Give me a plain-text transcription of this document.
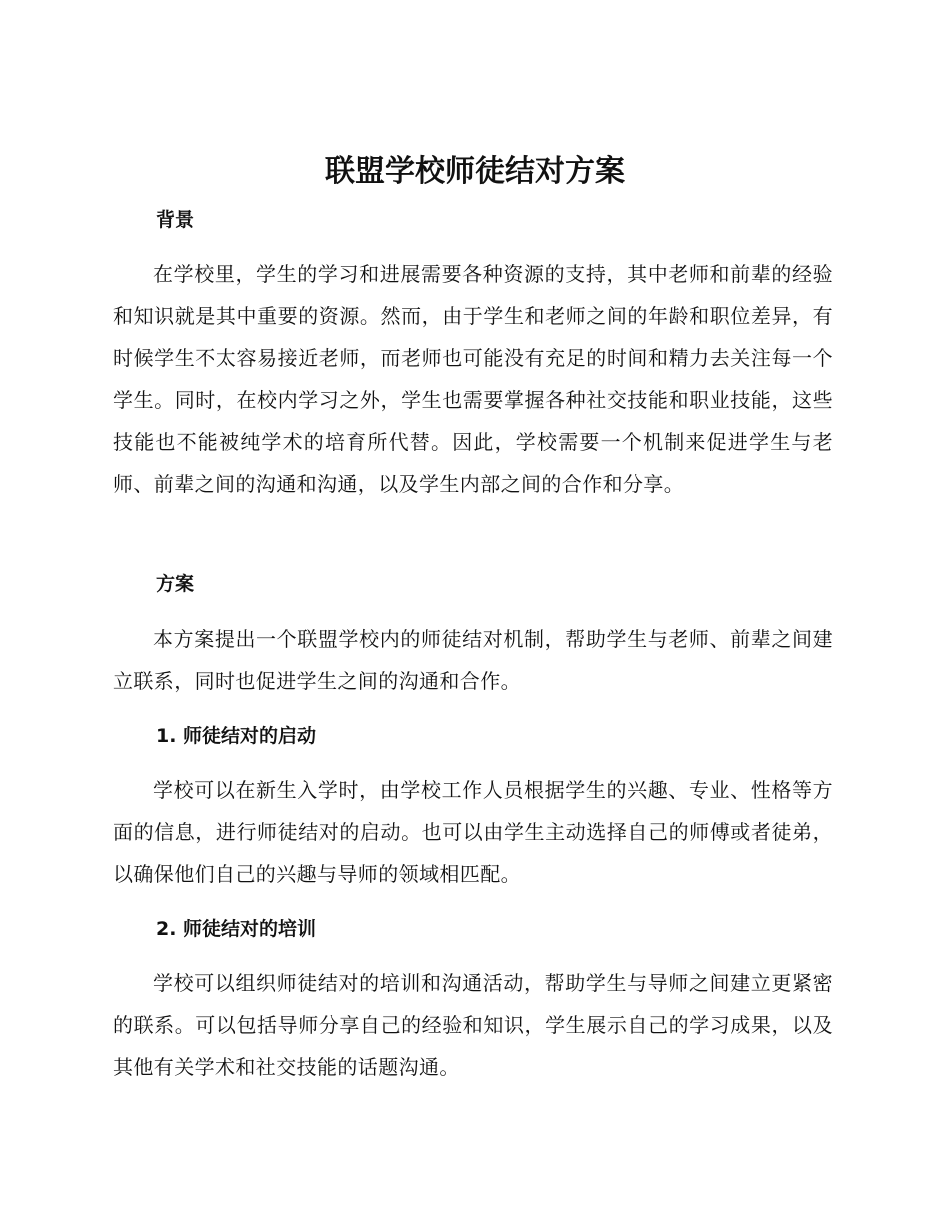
联盟学校师徒结对方案
背景

在学校里，学生的学习和进展需要各种资源的支持，其中老师和前辈的经验和知识就是其中重要的资源。然而，由于学生和老师之间的年龄和职位差异，有时候学生不太容易接近老师，而老师也可能没有充足的时间和精力去关注每一个学生。同时，在校内学习之外，学生也需要掌握各种社交技能和职业技能，这些技能也不能被纯学术的培育所代替。因此，学校需要一个机制来促进学生与老师、前辈之间的沟通和沟通，以及学生内部之间的合作和分享。

方案

本方案提出一个联盟学校内的师徒结对机制，帮助学生与老师、前辈之间建立联系，同时也促进学生之间的沟通和合作。

1. 师徒结对的启动

学校可以在新生入学时，由学校工作人员根据学生的兴趣、专业、性格等方面的信息，进行师徒结对的启动。也可以由学生主动选择自己的师傅或者徒弟，以确保他们自己的兴趣与导师的领域相匹配。

2. 师徒结对的培训

学校可以组织师徒结对的培训和沟通活动，帮助学生与导师之间建立更紧密的联系。可以包括导师分享自己的经验和知识，学生展示自己的学习成果，以及其他有关学术和社交技能的话题沟通。
